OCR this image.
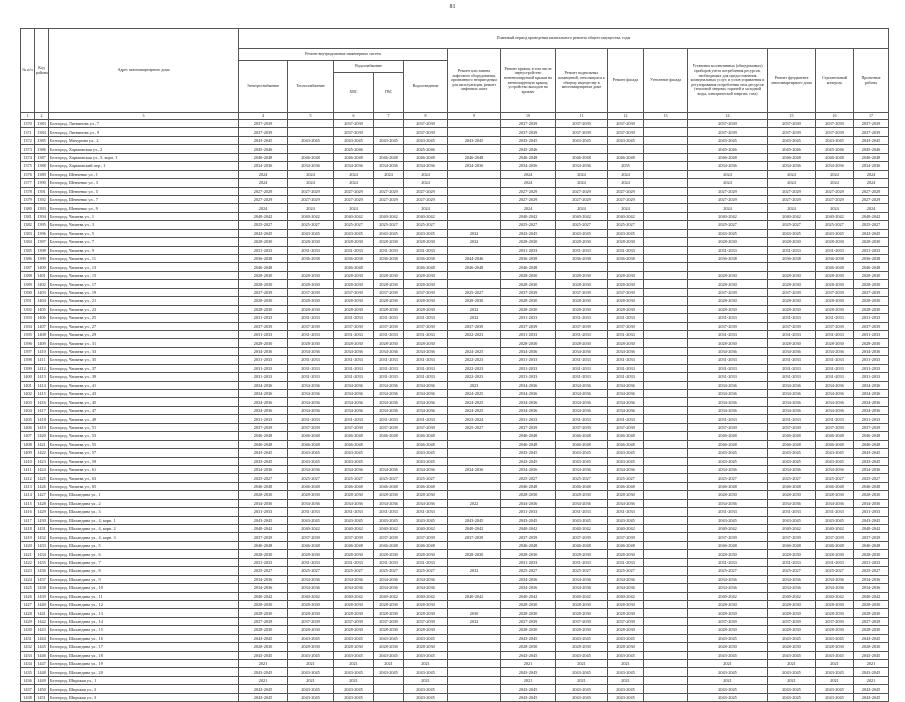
81
№ п/п	Код района	Адрес многоквартирного дома	Плановый период проведения капитального ремонта общего имущества, годы													
			Ремонт внутридомовых инженерных систем					Ремонт или замена лифтового оборудования, признанного непригодным для эксплуатации, ремонт лифтовых шахт	Ремонт крыши, в том числе переустройство невентилируемой крыши на вентилируемую крышу, устройство выходов на кровлю	Ремонт подвальных помещений, относящихся к общему имуществу в многоквартирном доме	Ремонт фасада	Утепление фасада	Установка коллективных (общедомовых) приборов учета потребления ресурсов, необходимых для предоставления коммунальных услуг, и узлов управления и регулирования потребления этих ресурсов (тепловой энергии, горячей и холодной воды, электрической энергии, газа)	Ремонт фундамента многоквартирного дома	Строительный контроль	Проектные работы
			Электроснабжение	Теплоснабжение	Водоснабжение		Водоотведение									
					ХВС	ГВС										
1	2	3	4	5	6	7	8	9	10	11	12	13	14	15	16	17
1370	1383	Белгород, Литвинова ул., 7	2037-2039		2037-2039		2037-2039		2037-2039	2037-2039	2037-2039		2037-2039	2037-2039	2037-2039	2037-2039
1371	1384	Белгород, Литвинова ул., 9	2037-2039		2037-2039		2037-2039		2037-2039	2037-2039	2037-2039		2037-2039	2037-2039	2037-2039	2037-2039
1372	1385	Белгород, Мичурина ул., 2	2043-2045	2043-2045	2043-2045	2043-2045	2043-2045	2043-2045	2043-2045	2043-2045	2043-2045		2043-2045	2043-2045	2043-2045	2043-2045
1373	1386	Белгород, Харьковская ул., 2	2045-2046		2045-2046		2045-2046		2045-2046				2045-2046	2045-2046	2045-2046	2045-2046
1374	1387	Белгород, Харьковская ул., 5, корп. 1	2046-2048	2046-2048	2046-2048	2046-2048	2046-2048	2046-2048	2046-2048	2046-2048	2046-2048		2046-2048	2046-2048	2046-2048	2046-2048
1375	1388	Белгород, Харьковский пер., 1	2034-2036	2034-2036	2034-2036	2034-2036	2034-2036	2034-2036	2034-2036	2034-2036	2035		2034-2036	2034-2036	2034-2036	2034-2036
1376	1389	Белгород, Шевченко ул., 1	2024	2024	2024	2024	2024		2024	2024	2024		2024	2024	2024	2024
1377	1390	Белгород, Шевченко ул., 3	2024	2024	2024		2024		2024	2024	2024		2024	2024	2024	2024
1378	1391	Белгород, Шевченко ул., 5	2027-2029	2027-2029	2027-2029	2027-2029	2027-2029		2027-2029	2027-2029	2027-2029		2027-2029	2027-2029	2027-2029	2027-2029
1379	1392	Белгород, Шевченко ул., 7	2027-2029	2027-2029	2027-2029	2027-2029	2027-2029		2027-2029	2027-2029	2027-2029		2027-2029	2027-2029	2027-2029	2027-2029
1380	1393	Белгород, Шевченко ул., 9	2024	2024	2024		2024		2024	2024	2024		2024	2024	2024	2024
1381	1394	Белгород, Чапаева ул., 1	2040-2042	2040-2042	2040-2042	2040-2042	2040-2042		2040-2042	2040-2042	2040-2042		2040-2042	2040-2042	2040-2042	2040-2042
1382	1395	Белгород, Чапаева ул., 3	2025-2027	2025-2027	2025-2027	2025-2027	2025-2027		2025-2027	2025-2027	2025-2027		2025-2027	2025-2027	2025-2027	2025-2027
1383	1396	Белгород, Чапаева ул., 5	2043-2045	2043-2045	2043-2045	2043-2045	2043-2045	2032	2043-2045	2043-2045	2043-2045		2043-2045	2043-2045	2043-2045	2043-2045
1384	1397	Белгород, Чапаева ул., 7	2028-2030	2028-2030	2028-2030	2028-2030	2028-2030	2032	2028-2030	2028-2030	2028-2030		2028-2030	2028-2030	2028-2030	2028-2030
1385	1398	Белгород, Чапаева ул., 9	2031-2033	2031-2033	2031-2033	2031-2033	2031-2033		2031-2033	2031-2033	2031-2033		2031-2033	2031-2033	2031-2033	2031-2033
1386	1399	Белгород, Чапаева ул., 11	2036-2038	2036-2038	2036-2038	2036-2038	2036-2038	2044-2046	2036-2038	2036-2038	2036-2038		2036-2038	2036-2038	2036-2038	2036-2038
1387	1400	Белгород, Чапаева ул., 13	2046-2048		2046-2048		2046-2048	2046-2048	2046-2048						2046-2048	2046-2048
1388	1401	Белгород, Чапаева ул., 15	2028-2030	2028-2030	2028-2030	2028-2030	2028-2030		2028-2030	2028-2030	2028-2030		2028-2030	2028-2030	2028-2030	2028-2030
1389	1402	Белгород, Чапаева ул., 17	2028-2030	2028-2030	2028-2030	2028-2030	2028-2030		2028-2030	2028-2030	2028-2030		2028-2030	2028-2030	2028-2030	2028-2030
1390	1403	Белгород, Чапаева ул., 19	2037-2039	2037-2039	2037-2039	2037-2039	2037-2039	2025-2027	2037-2039	2037-2039	2037-2039		2037-2039	2037-2039	2037-2039	2037-2039
1391	1404	Белгород, Чапаева ул., 21	2028-2030	2028-2030	2028-2030	2028-2030	2028-2030	2028-2030	2028-2030	2028-2030	2028-2030		2028-2030	2028-2030	2028-2030	2028-2030
1392	1405	Белгород, Чапаева ул., 23	2028-2030	2028-2030	2028-2030	2028-2030	2028-2030	2032	2028-2030	2028-2030	2028-2030		2028-2030	2028-2030	2028-2030	2028-2030
1393	1406	Белгород, Чапаева ул., 25	2031-2033	2031-2033	2031-2033	2031-2033	2031-2033	2032	2031-2033	2031-2033	2031-2033		2031-2033	2031-2033	2031-2033	2031-2033
1394	1407	Белгород, Чапаева ул., 27	2037-2039	2037-2039	2037-2039	2037-2039	2037-2039	2037-2039	2037-2039	2037-2039	2037-2039		2037-2039	2037-2039	2037-2039	2037-2039
1395	1408	Белгород, Чапаева ул., 29	2031-2033	2031-2033	2031-2033	2031-2033	2031-2033	2022-2023	2031-2033	2031-2033	2031-2033		2031-2033	2031-2033	2031-2033	2031-2033
1396	1409	Белгород, Чапаева ул., 31	2028-2030	2028-2030	2028-2030	2028-2030	2028-2030		2028-2030	2028-2030	2028-2030		2028-2030	2028-2030	2028-2030	2028-2030
1397	1410	Белгород, Чапаева ул., 33	2034-2036	2034-2036	2034-2036	2034-2036	2034-2036	2024-2025	2034-2036	2034-2036	2034-2036		2034-2036	2034-2036	2034-2036	2034-2036
1398	1411	Белгород, Чапаева ул., 35	2031-2033	2031-2033	2031-2033	2031-2033	2031-2033	2022-2023	2031-2033	2031-2033	2031-2033		2031-2033	2031-2033	2031-2033	2031-2033
1399	1412	Белгород, Чапаева ул., 37	2031-2033	2031-2033	2031-2033	2031-2033	2031-2033	2022-2023	2031-2033	2031-2033	2031-2033		2031-2033	2031-2033	2031-2033	2031-2033
1400	1413	Белгород, Чапаева ул., 39	2031-2033	2031-2033	2031-2033	2031-2033	2031-2033	2022-2023	2031-2033	2031-2033	2031-2033		2031-2033	2031-2033	2031-2033	2031-2033
1401	1414	Белгород, Чапаева ул., 41	2034-2036	2034-2036	2034-2036	2034-2036	2034-2036	2023	2034-2036	2034-2036	2034-2036		2034-2036	2034-2036	2034-2036	2034-2036
1402	1415	Белгород, Чапаева ул., 43	2034-2036	2034-2036	2034-2036	2034-2036	2034-2036	2024-2025	2034-2036	2034-2036	2034-2036		2034-2036	2034-2036	2034-2036	2034-2036
1403	1416	Белгород, Чапаева ул., 45	2034-2036	2034-2036	2034-2036	2034-2036	2034-2036	2024-2025	2034-2036	2034-2036	2034-2036		2034-2036	2034-2036	2034-2036	2034-2036
1404	1417	Белгород, Чапаева ул., 47	2034-2036	2034-2036	2034-2036	2034-2036	2034-2036	2024-2025	2034-2036	2034-2036	2034-2036		2034-2036	2034-2036	2034-2036	2034-2036
1405	1418	Белгород, Чапаева ул., 49	2031-2033	2031-2033	2031-2033	2031-2033	2031-2033	2023-2024	2031-2033	2031-2033	2031-2033		2031-2033	2031-2033	2031-2033	2031-2033
1406	1419	Белгород, Чапаева ул., 51	2037-2039	2037-2039	2037-2039	2037-2039	2037-2039	2025-2027	2037-2039	2037-2039	2037-2039		2037-2039	2037-2039	2037-2039	2037-2039
1407	1420	Белгород, Чапаева ул., 53	2046-2048	2046-2048	2046-2048	2046-2048	2046-2048		2046-2048	2046-2048	2046-2048		2046-2048	2046-2048	2046-2048	2046-2048
1408	1421	Белгород, Чапаева ул., 55	2046-2048	2046-2048	2046-2048		2046-2048		2046-2048	2046-2048	2046-2048		2046-2048	2046-2048	2046-2048	2046-2048
1409	1422	Белгород, Чапаева ул., 57	2043-2045	2043-2045	2043-2045		2043-2045		2043-2045	2043-2045	2043-2045		2043-2045	2043-2045	2043-2045	2043-2045
1410	1423	Белгород, Чапаева ул., 59	2043-2045	2043-2045	2043-2045		2043-2045		2043-2045	2043-2045	2043-2045		2043-2045	2043-2045	2043-2045	2043-2045
1411	1424	Белгород, Чапаева ул., 61	2034-2036	2034-2036	2034-2036	2034-2036	2034-2036	2034-2036	2034-2036	2034-2036	2034-2036		2034-2036	2034-2036	2034-2036	2034-2036
1412	1425	Белгород, Чапаева ул., 63	2025-2027	2025-2027	2025-2027	2025-2027	2025-2027		2025-2027	2025-2027	2025-2027		2025-2027	2025-2027	2025-2027	2025-2027
1413	1426	Белгород, Чапаева ул., 65	2046-2048	2046-2048	2046-2048	2046-2048	2046-2048		2046-2048	2046-2048	2046-2048		2046-2048	2046-2048	2046-2048	2046-2048
1414	1427	Белгород, Шаландина ул., 1	2028-2030	2028-2030	2028-2030	2028-2030	2028-2030		2028-2030	2028-2030	2028-2030		2028-2030	2028-2030	2028-2030	2028-2030
1415	1428	Белгород, Шаландина ул., 2	2034-2036	2034-2036	2034-2036	2034-2036	2034-2036	2022	2034-2036	2034-2036	2034-2036		2034-2036	2034-2036	2034-2036	2034-2036
1416	1429	Белгород, Шаландина ул., 3	2031-2033	2031-2033	2031-2033	2031-2033	2031-2033		2031-2033	2031-2033	2031-2033		2031-2033	2031-2033	2031-2033	2031-2033
1417	1430	Белгород, Шаландина ул., 4, корп. 1	2043-2045	2043-2045	2043-2045	2043-2045	2043-2045	2043-2045	2043-2045	2043-2045	2043-2045		2043-2045	2043-2045	2043-2045	2043-2045
1418	1431	Белгород, Шаландина ул., 4, корп. 2	2040-2042	2040-2042	2040-2042	2040-2042	2040-2042	2040-2042	2040-2042	2040-2042	2040-2042		2040-2042	2040-2042	2040-2042	2040-2042
1419	1432	Белгород, Шаландина ул., 4, корп. 3	2037-2039	2037-2039	2037-2039	2037-2039	2037-2039	2037-2039	2037-2039	2037-2039	2037-2039		2037-2039	2037-2039	2037-2039	2037-2039
1420	1433	Белгород, Шаландина ул., 5	2046-2048	2046-2048	2046-2048	2046-2048	2046-2048		2046-2048	2046-2048	2046-2048		2046-2048	2046-2048	2046-2048	2046-2048
1421	1434	Белгород, Шаландина ул., 6	2028-2030	2028-2030	2028-2030	2028-2030	2028-2030	2028-2030	2028-2030	2028-2030	2028-2030		2028-2030	2028-2030	2028-2030	2028-2030
1422	1435	Белгород, Шаландина ул., 7	2031-2033	2031-2033	2031-2033	2031-2033	2031-2033		2031-2033	2031-2033	2031-2033		2031-2033	2031-2033	2031-2033	2031-2033
1423	1436	Белгород, Шаландина ул., 8	2025-2027	2025-2027	2025-2027	2025-2027	2025-2027	2032	2025-2027	2025-2027	2025-2027		2025-2027	2025-2027	2025-2027	2025-2027
1424	1437	Белгород, Шаландина ул., 9	2034-2036	2034-2036	2034-2036	2034-2036	2034-2036		2034-2036	2034-2036	2034-2036		2034-2036	2034-2036	2034-2036	2034-2036
1425	1438	Белгород, Шаландина ул., 10	2034-2036	2034-2036	2034-2036	2034-2036	2034-2036		2034-2036	2034-2036	2034-2036		2034-2036	2034-2036	2034-2036	2034-2036
1426	1439	Белгород, Шаландина ул., 11	2040-2042	2040-2042	2040-2042	2040-2042	2040-2042	2040-2042	2040-2042	2040-2042	2040-2042		2040-2042	2040-2042	2040-2042	2040-2042
1427	1440	Белгород, Шаландина ул., 12	2028-2030	2028-2030	2028-2030	2028-2030	2028-2030		2028-2030	2028-2030	2028-2030		2028-2030	2028-2030	2028-2030	2028-2030
1428	1441	Белгород, Шаландина ул., 13	2028-2030	2028-2030	2028-2030	2028-2030	2028-2030	2030	2028-2030	2028-2030	2028-2030		2028-2030	2028-2030	2028-2030	2028-2030
1429	1442	Белгород, Шаландина ул., 14	2037-2039	2037-2039	2037-2039	2037-2039	2037-2039	2032	2037-2039	2037-2039	2037-2039		2037-2039	2037-2039	2037-2039	2037-2039
1430	1443	Белгород, Шаландина ул., 15	2028-2030	2028-2030	2028-2030	2028-2030	2028-2030		2028-2030	2028-2030	2028-2030		2028-2030	2028-2030	2028-2030	2028-2030
1431	1444	Белгород, Шаландина ул., 16	2043-2045	2043-2045	2043-2045	2043-2045	2043-2045		2043-2045	2043-2045	2043-2045		2043-2045	2043-2045	2043-2045	2043-2045
1432	1445	Белгород, Шаландина ул., 17	2028-2030	2028-2030	2028-2030	2028-2030	2028-2030		2028-2030	2028-2030	2028-2030		2028-2030	2028-2030	2028-2030	2028-2030
1433	1446	Белгород, Шаландина ул., 18	2043-2045	2043-2045	2043-2045	2043-2045	2043-2045		2043-2045	2043-2045	2043-2045		2043-2045	2043-2045	2043-2045	2043-2045
1434	1447	Белгород, Шаландина ул., 19	2021	2021	2021	2021	2021		2021	2021	2021		2021	2021	2021	2021
1435	1448	Белгород, Шаландина ул., 20	2043-2045	2043-2045	2043-2045	2043-2045	2043-2045		2043-2045	2043-2045	2043-2045		2043-2045	2043-2045	2043-2045	2043-2045
1436	1449	Белгород, Широкая ул., 1	2021	2021	2021		2021		2021	2021	2021		2021	2021	2021	2021
1437	1450	Белгород, Широкая ул., 2	2043-2045	2043-2045	2043-2045		2043-2045		2043-2045	2043-2045	2043-2045		2043-2045	2043-2045	2043-2045	2043-2045
1438	1451	Белгород, Широкая ул., 3	2043-2045	2043-2045	2043-2045		2043-2045		2043-2045	2043-2045	2043-2045		2043-2045	2043-2045	2043-2045	2043-2045
